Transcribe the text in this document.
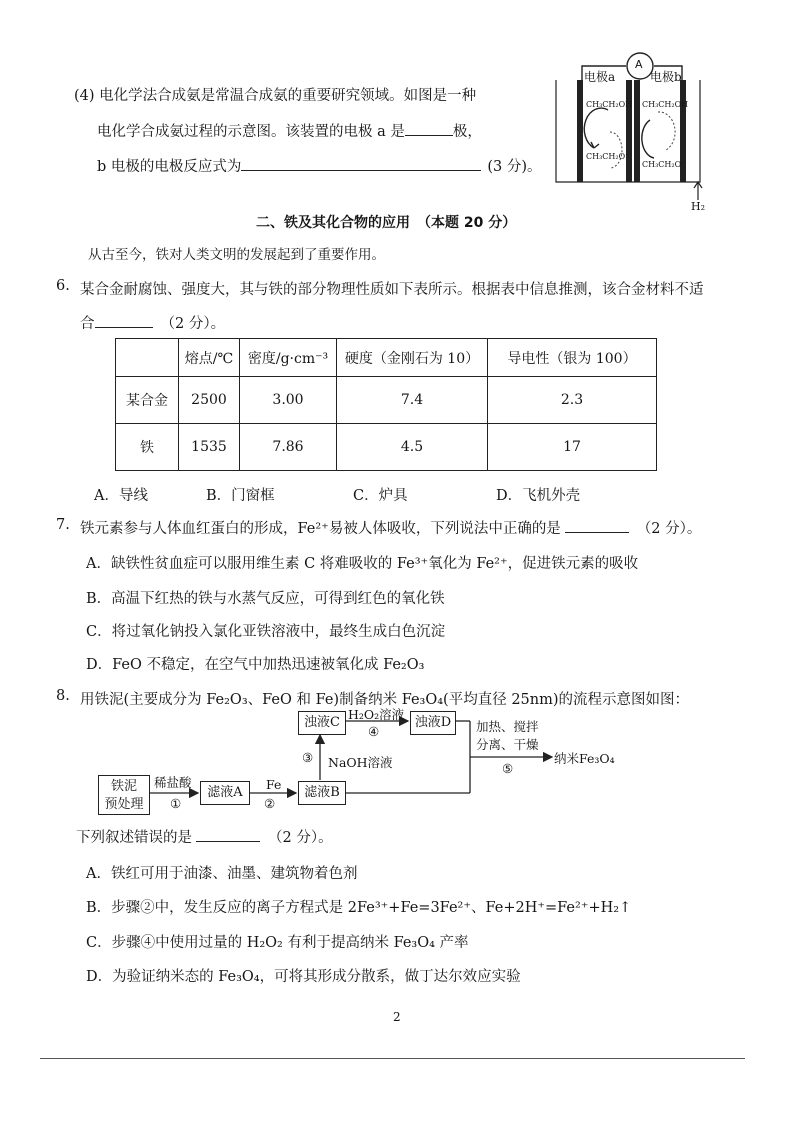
(4) 电化学法合成氨是常温合成氨的重要研究领域。如图是一种
电化学合成氨过程的示意图。该装置的电极 a 是	极，
b 电极的电极反应式为	(3 分)。
A
电极a	电极b
CH₃CH₂OH
CH₃CH₂O⁻
CH₃CH₂OH
CH₃CH₂O⁻
H₂
二、铁及其化合物的应用　（本题 20 分）
从古至今，铁对人类文明的发展起到了重要作用。
6. 某合金耐腐蚀、强度大，其与铁的部分物理性质如下表所示。根据表中信息推测，该合金材料不适
合	（2 分）。
	熔点/℃	密度/g·cm⁻³	硬度（金刚石为 10）	导电性（银为 100）
某合金	2500	3.00	7.4	2.3
铁	1535	7.86	4.5	17
A．导线	B．门窗框	C．炉具	D．飞机外壳
7. 铁元素参与人体血红蛋白的形成，Fe²⁺易被人体吸收，下列说法中正确的是	（2 分）。
A．缺铁性贫血症可以服用维生素 C 将难吸收的 Fe³⁺氧化为 Fe²⁺，促进铁元素的吸收
B．高温下红热的铁与水蒸气反应，可得到红色的氧化铁
C．将过氧化钠投入氯化亚铁溶液中，最终生成白色沉淀
D．FeO 不稳定，在空气中加热迅速被氧化成 Fe₂O₃
8. 用铁泥(主要成分为 Fe₂O₃、FeO 和 Fe)制备纳米 Fe₃O₄(平均直径 25nm)的流程示意图如图：
铁泥
预处理
稀盐酸
①
滤液A
Fe
②
滤液B
③ NaOH溶液
浊液C
H₂O₂溶液
④
浊液D	加热、搅拌
分离、干燥
⑤
纳米Fe₃O₄
下列叙述错误的是	（2 分）。
A．铁红可用于油漆、油墨、建筑物着色剂
B．步骤②中，发生反应的离子方程式是 2Fe³⁺+Fe=3Fe²⁺、Fe+2H⁺=Fe²⁺+H₂↑
C．步骤④中使用过量的 H₂O₂ 有利于提高纳米 Fe₃O₄ 产率
D．为验证纳米态的 Fe₃O₄，可将其形成分散系，做丁达尔效应实验
2
